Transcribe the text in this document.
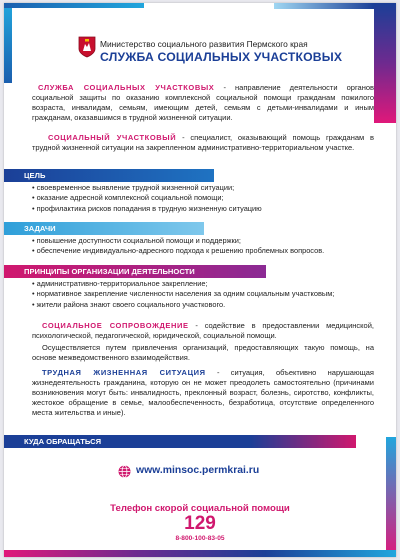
Министерство социального развития Пермского края
СЛУЖБА СОЦИАЛЬНЫХ УЧАСТКОВЫХ
СЛУЖБА СОЦИАЛЬНЫХ УЧАСТКОВЫХ - направление деятельности органов социальной защиты по оказанию комплексной социальной помощи гражданам пожилого возраста, инвалидам, семьям, имеющим детей, семьям с детьми-инвалидами и иным гражданам, оказавшимся в трудной жизненной ситуации.
СОЦИАЛЬНЫЙ УЧАСТКОВЫЙ - специалист, оказывающий помощь гражданам в трудной жизненной ситуации на закрепленном административно-территориальном участке.
ЦЕЛЬ
• своевременное выявление трудной жизненной ситуации;
• оказание адресной комплексной социальной помощи;
• профилактика рисков попадания в трудную жизненную ситуацию
ЗАДАЧИ
• повышение доступности социальной помощи и поддержки;
• обеспечение индивидуально-адресного подхода к решению проблемных вопросов.
ПРИНЦИПЫ ОРГАНИЗАЦИИ ДЕЯТЕЛЬНОСТИ
• административно-территориальное закрепление;
• нормативное закрепление численности населения за одним социальным участковым;
• жители района знают своего социального участкового.
СОЦИАЛЬНОЕ СОПРОВОЖДЕНИЕ - содействие в предоставлении медицинской, психологической, педагогической, юридической, социальной помощи.
Осуществляется путем привлечения организаций, предоставляющих такую помощь, на основе межведомственного взаимодействия.
ТРУДНАЯ ЖИЗНЕННАЯ СИТУАЦИЯ - ситуация, объективно нарушающая жизнедеятельность гражданина, которую он не может преодолеть самостоятельно (причинами возникновения могут быть: инвалидность, преклонный возраст, болезнь, сиротство, конфликты, жестокое обращение в семье, малообеспеченность, безработица, отсутствие определенного места жительства и иные).
КУДА ОБРАЩАТЬСЯ
www.minsoc.permkrai.ru
Телефон скорой социальной помощи
129
8-800-100-83-05
